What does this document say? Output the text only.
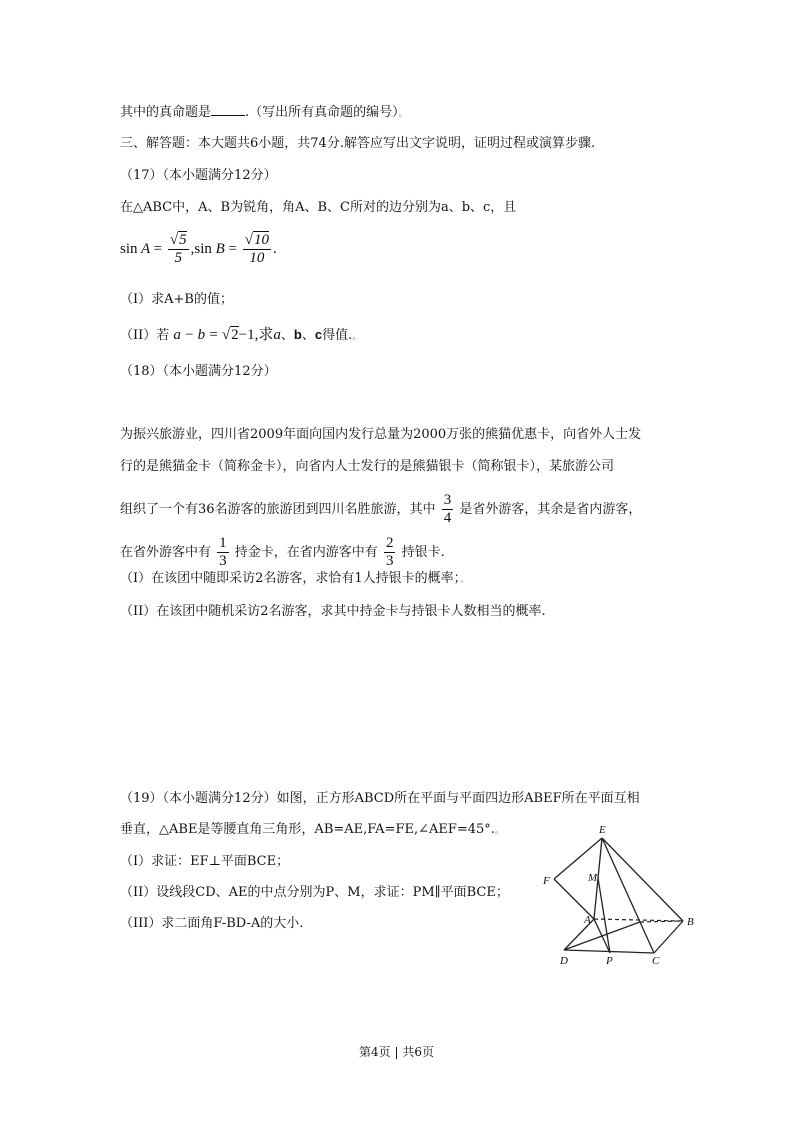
其中的真命题是	.（写出所有真命题的编号）。
三、解答题：本大题共6小题，共74分.解答应写出文字说明，证明过程或演算步骤.
（17）（本小题满分12分）
在△ABC中，A、B为锐角，角A、B、C所对的边分别为a、b、c，且
$\sin A = \frac{√5}{5} ,\sin$ $B = \frac{√10}{10}$ .
（I）求A+B的值；
（II）若 a − b = √2−1,求a、b、c得值.。
（18）（本小题满分12分）
为振兴旅游业，四川省2009年面向国内发行总量为2000万张的熊猫优惠卡，向省外人士发
行的是熊猫金卡（简称金卡），向省内人士发行的是熊猫银卡（简称银卡），某旅游公司
组织了一个有36名游客的旅游团到四川名胜旅游，其中 $\frac{3}{4}$ 是省外游客，其余是省内游客，
在省外游客中有 $\frac{1}{3}$ 持金卡，在省内游客中有 $\frac{2}{3}$ 持银卡.
（I）在该团中随即采访2名游客，求恰有1人持银卡的概率；。
（II）在该团中随机采访2名游客，求其中持金卡与持银卡人数相当的概率.
（19）（本小题满分12分）如图，正方形ABCD所在平面与平面四边形ABEF所在平面互相
垂直，△ABE是等腰直角三角形，AB=AE,FA=FE,∠AEF=45°.。
（I）求证：EF⊥平面BCE；
（II）设线段CD、AE的中点分别为P、M，求证：PM∥平面BCE；
（III）求二面角F-BD-A的大小.
E
F	M
A	B
D	P	C
第4页 | 共6页
